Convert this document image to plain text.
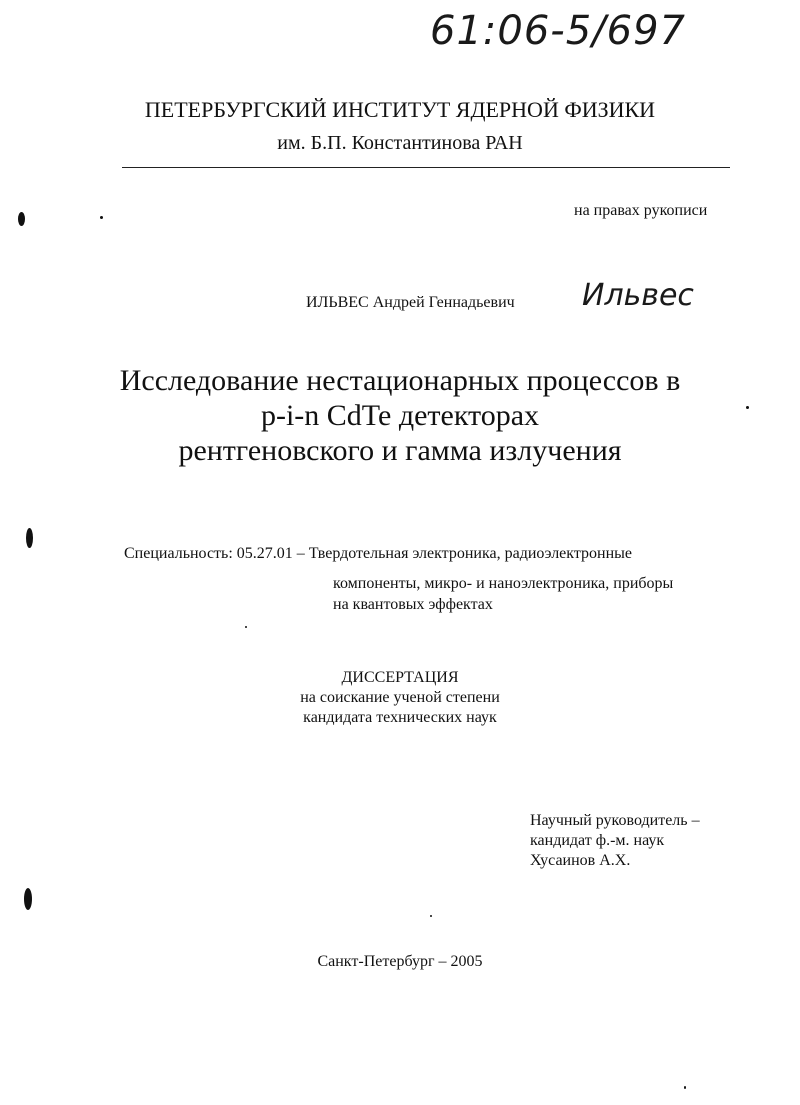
61:06-5/697
ПЕТЕРБУРГСКИЙ ИНСТИТУТ ЯДЕРНОЙ ФИЗИКИ
им. Б.П. Константинова РАН
на правах рукописи
ИЛЬВЕС Андрей Геннадьевич Ильвес
Исследование нестационарных процессов в
p-i-n CdTe детекторах
рентгеновского и гамма излучения
Специальность: 05.27.01 – Твердотельная электроника, радиоэлектронные
компоненты, микро- и наноэлектроника, приборы
на квантовых эффектах
ДИССЕРТАЦИЯ
на соискание ученой степени
кандидата технических наук
Научный руководитель –
кандидат ф.-м. наук
Хусаинов А.Х.
Санкт-Петербург – 2005
